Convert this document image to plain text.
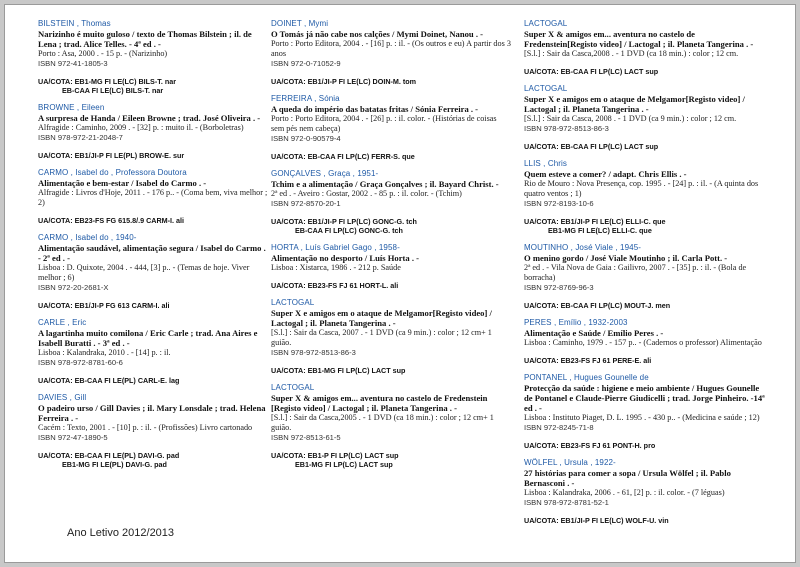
BILSTEIN , Thomas
Narizinho é muito guloso / texto de Thomas Bilstein ; il. de Lena ; trad. Alice Telles. - 4ª ed . -
Porto : Asa, 2000 . - 15 p. - (Narizinho)
ISBN 972-41-1805-3
UA/COTA: EB1-MG FI LE(LC) BILS-T. nar
EB-CAA FI LE(LC) BILS-T. nar
BROWNE , Eileen
A surpresa de Handa / Eileen Browne ; trad. José Oliveira . -
Alfragide : Caminho, 2009 . - [32] p. : muito il. - (Borboletras)
ISBN 978-972-21-2048-7
UA/COTA: EB1/JI-P FI LE(PL) BROW-E. sur
CARMO , Isabel do , Professora Doutora
Alimentação e bem-estar / Isabel do Carmo . -
Alfragide : Livros d'Hoje, 2011 . - 176 p.. - (Coma bem, viva melhor ; 2)
UA/COTA: EB23-FS FG 615.8/.9 CARM-I. ali
CARMO , Isabel do , 1940-
Alimentação saudável, alimentação segura / Isabel do Carmo . - 2ª ed . -
Lisboa : D. Quixote, 2004 . - 444, [3] p.. - (Temas de hoje. Viver melhor ; 6)
ISBN 972-20-2681-X
UA/COTA: EB1/JI-P FG 613 CARM-I. ali
CARLE , Eric
A lagartinha muito comilona / Eric Carle ; trad. Ana Aires e Isabell Buratti . - 3ª ed . -
Lisboa : Kalandraka, 2010 . - [14] p. : il.
ISBN 978-972-8781-60-6
UA/COTA: EB-CAA FI LE(PL) CARL-E. lag
DAVIES , Gill
O padeiro urso / Gill Davies ; il. Mary Lonsdale ; trad. Helena Ferreira . -
Cacém : Texto, 2001 . - [10] p. : il. - (Profissões) Livro cartonado
ISBN 972-47-1890-5
UA/COTA: EB-CAA FI LE(PL) DAVI-G. pad
EB1-MG FI LE(PL) DAVI-G. pad
DOINET , Mymi
O Tomás já não cabe nos calções / Mymi Doinet, Nanou . -
Porto : Porto Editora, 2004 . - [16] p. : il. - (Os outros e eu) A partir dos 3 anos
ISBN 972-0-71052-9
UA/COTA: EB1/JI-P FI LE(LC) DOIN-M. tom
FERREIRA , Sónia
A queda do império das batatas fritas / Sónia Ferreira . -
Porto : Porto Editora, 2004 . - [26] p. : il. color. - (Histórias de coisas sem pés nem cabeça)
ISBN 972-0-90579-4
UA/COTA: EB-CAA FI LP(LC) FERR-S. que
GONÇALVES , Graça , 1951-
Tchim e a alimentação / Graça Gonçalves ; il. Bayard Christ. -
2ª ed . - Aveiro : Gostar, 2002 . - 85 p. : il. color. - (Tchim)
ISBN 972-8570-20-1
UA/COTA: EB1/JI-P FI LP(LC) GONC-G. tch
EB-CAA FI LP(LC) GONC-G. tch
HORTA , Luís Gabriel Gago , 1958-
Alimentação no desporto / Luís Horta . -
Lisboa : Xistarca, 1986 . - 212 p. Saúde
UA/COTA: EB23-FS FJ 61 HORT-L. ali
LACTOGAL
Super X e amigos em o ataque de Melgamor[Registo video] / Lactogal ; il. Planeta Tangerina . -
[S.l.] : Sair da Casca, 2007 . - 1 DVD (ca 9 min.) : color ; 12 cm+ 1 guião.
ISBN 978-972-8513-86-3
UA/COTA: EB1-MG FI LP(LC) LACT sup
LACTOGAL
Super X & amigos em... aventura no castelo de Fredenstein [Registo video] / Lactogal ; il. Planeta Tangerina . -
[S.l.] : Sair da Casca,2005 . - 1 DVD (ca 18 min.) : color ; 12 cm+ 1 guião.
ISBN 972-8513-61-5
UA/COTA: EB1-P FI LP(LC) LACT sup
EB1-MG FI LP(LC) LACT sup
LACTOGAL
Super X & amigos em... aventura no castelo de Fredenstein[Registo video] / Lactogal ; il. Planeta Tangerina . -
[S.l.] : Sair da Casca,2008 . - 1 DVD (ca 18 min.) : color ; 12 cm.
UA/COTA: EB-CAA FI LP(LC) LACT sup
LACTOGAL
Super X e amigos em o ataque de Melgamor[Registo video] / Lactogal ; il. Planeta Tangerina . -
[S.l.] : Sair da Casca, 2008 . - 1 DVD (ca 9 min.) : color ; 12 cm.
ISBN 978-972-8513-86-3
UA/COTA: EB-CAA FI LP(LC) LACT sup
LLIS , Chris
Quem esteve a comer? / adapt. Chris Ellis . -
Rio de Mouro : Nova Presença, cop. 1995 . - [24] p. : il. - (A quinta dos quatro ventos ; 1)
ISBN 972-8193-10-6
UA/COTA: EB1/JI-P FI LE(LC) ELLI-C. que
EB1-MG FI LE(LC) ELLI-C. que
MOUTINHO , José Viale , 1945-
O menino gordo / José Viale Moutinho ; il. Carla Pott. -
2ª ed . - Vila Nova de Gaia : Gailivro, 2007 . - [35] p. : il. - (Bola de borracha)
ISBN 972-8769-96-3
UA/COTA: EB-CAA FI LP(LC) MOUT-J. men
PERES , Emílio , 1932-2003
Alimentação e Saúde / Emílio Peres . -
Lisboa : Caminho, 1979 . - 157 p.. - (Cadernos o professor) Alimentação
UA/COTA: EB23-FS FJ 61 PERE-E. ali
PONTANEL , Hugues Gounelle de
Protecção da saúde : higiene e meio ambiente / Hugues Gounelle de Pontanel e Claude-Pierre Giudicelli ; trad. Jorge Pinheiro. -14ª ed . -
Lisboa : Instituto Piaget, D. L. 1995 . - 430 p.. - (Medicina e saúde ; 12)
ISBN 972-8245-71-8
UA/COTA: EB23-FS FJ 61 PONT-H. pro
WÖLFEL , Ursula , 1922-
27 histórias para comer a sopa / Ursula Wölfel ; il. Pablo Bernasconi . -
Lisboa : Kalandraka, 2006 . - 61, [2] p. : il. color. - (7 léguas)
ISBN 978-972-8781-52-1
UA/COTA: EB1/JI-P FI LE(LC) WOLF-U. vin
Ano Letivo 2012/2013
